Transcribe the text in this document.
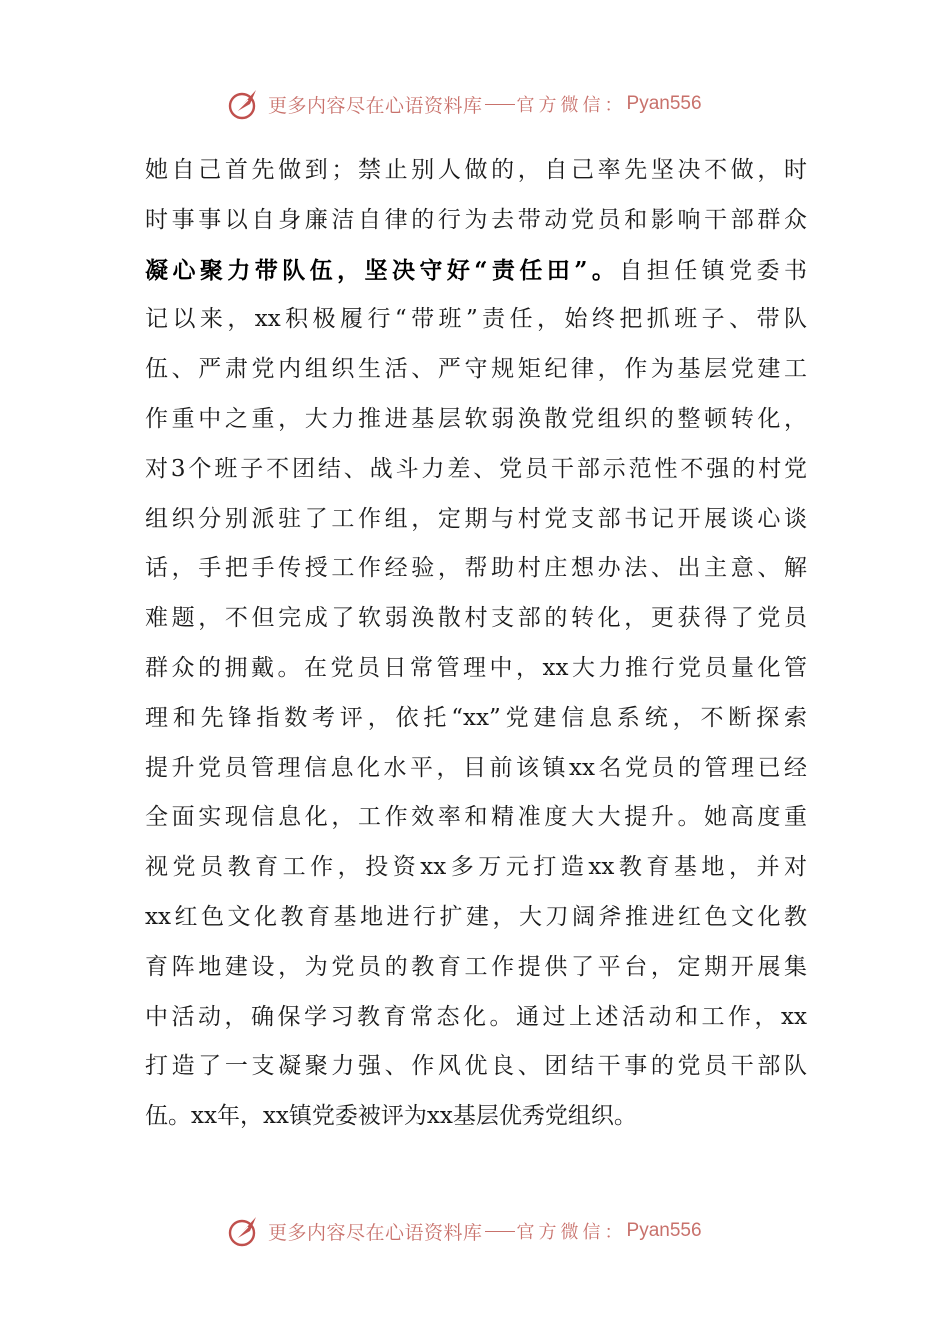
更多内容尽在心语资料库 官方微信： Pyan556
她自己首先做到；禁止别人做的，自己率先坚决不做，时
时事事以自身廉洁自律的行为去带动党员和影响干部群众
凝心聚力带队伍，坚决守好“责任田”。自担任镇党委书
记以来，xx积极履行“带班”责任，始终把抓班子、带队
伍、严肃党内组织生活、严守规矩纪律，作为基层党建工
作重中之重，大力推进基层软弱涣散党组织的整顿转化，
对3个班子不团结、战斗力差、党员干部示范性不强的村党
组织分别派驻了工作组，定期与村党支部书记开展谈心谈
话，手把手传授工作经验，帮助村庄想办法、出主意、解
难题，不但完成了软弱涣散村支部的转化，更获得了党员
群众的拥戴。在党员日常管理中，xx大力推行党员量化管
理和先锋指数考评，依托“xx”党建信息系统，不断探索
提升党员管理信息化水平，目前该镇xx名党员的管理已经
全面实现信息化，工作效率和精准度大大提升。她高度重
视党员教育工作，投资xx多万元打造xx教育基地，并对
xx红色文化教育基地进行扩建，大刀阔斧推进红色文化教
育阵地建设，为党员的教育工作提供了平台，定期开展集
中活动，确保学习教育常态化。通过上述活动和工作，xx
打造了一支凝聚力强、作风优良、团结干事的党员干部队
伍。xx年，xx镇党委被评为xx基层优秀党组织。
更多内容尽在心语资料库 官方微信： Pyan556
